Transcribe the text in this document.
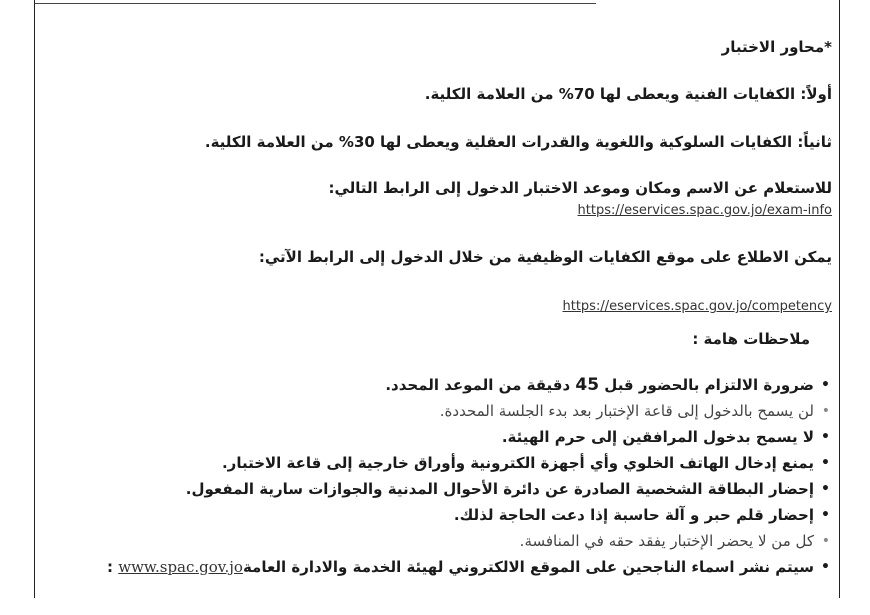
*محاور الاختبار
أولاً: الكفايات الفنية ويعطى لها 70% من العلامة الكلية.
ثانياً: الكفايات السلوكية واللغوية والقدرات العقلية ويعطى لها 30% من العلامة الكلية.
للاستعلام عن الاسم ومكان وموعد الاختبار الدخول إلى الرابط التالي:
https://eservices.spac.gov.jo/exam-info
يمكن الاطلاع على موقع الكفايات الوظيفية من خلال الدخول إلى الرابط الآتي:
https://eservices.spac.gov.jo/competency
ملاحظات هامة :
• ضرورة الالتزام بالحضور قبل 45 دقيقة من الموعد المحدد.
• لن يسمح بالدخول إلى قاعة الإختبار بعد بدء الجلسة المحددة.
• لا يسمح بدخول المرافقين إلى حرم الهيئة.
• يمنع إدخال الهاتف الخلوي وأي أجهزة الكترونية وأوراق خارجية إلى قاعة الاختبار.
• إحضار البطاقة الشخصية الصادرة عن دائرة الأحوال المدنية والجوازات سارية المفعول.
• إحضار قلم حبر و آلة حاسبة إذا دعت الحاجة لذلك.
• كل من لا يحضر الإختبار يفقد حقه في المنافسة.
• سيتم نشر اسماء الناجحين على الموقع الالكتروني لهيئة الخدمة والادارة العامةwww.spac.gov.jo :
